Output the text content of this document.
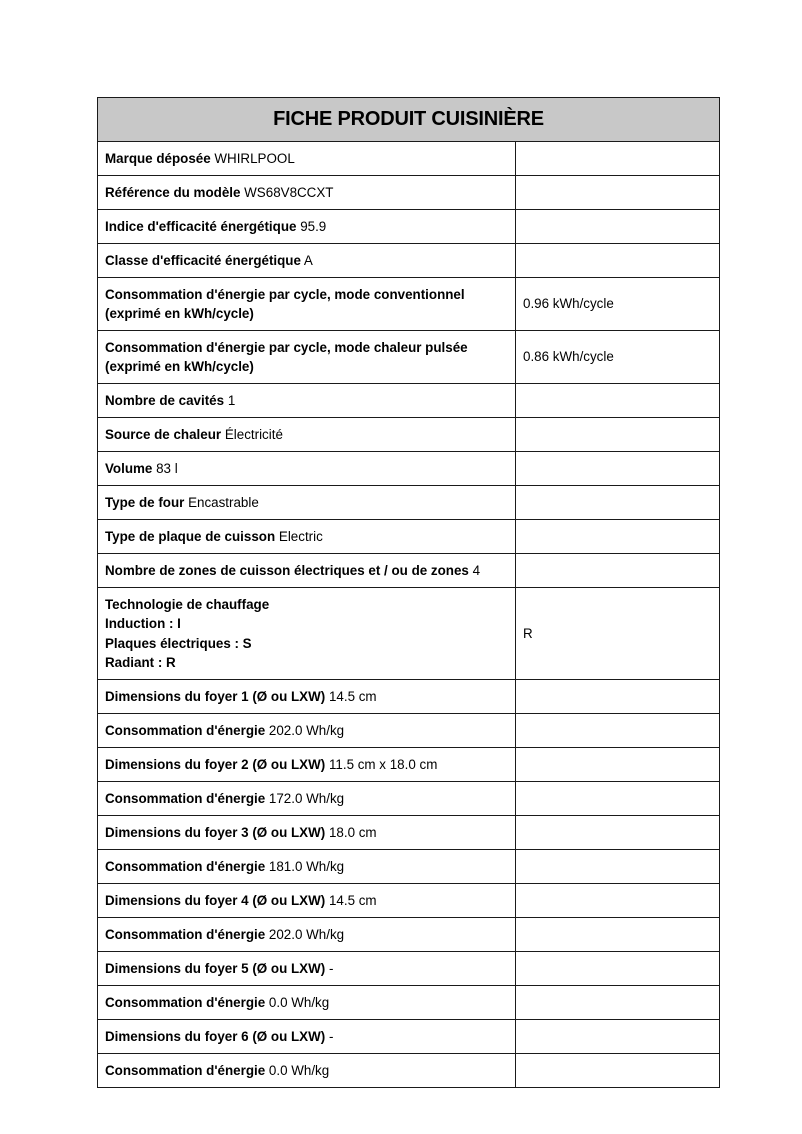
FICHE PRODUIT CUISINIÈRE	
Marque déposée WHIRLPOOL	
Référence du modèle WS68V8CCXT	
Indice d'efficacité énergétique 95.9	
Classe d'efficacité énergétique A	

Consommation d'énergie par cycle, mode conventionnel
(exprimé en kWh/cycle)	0.96 kWh/cycle

Consommation d'énergie par cycle, mode chaleur pulsée
(exprimé en kWh/cycle)	0.86 kWh/cycle
Nombre de cavités 1	
Source de chaleur Électricité	
Volume 83 l	
Type de four Encastrable	
Type de plaque de cuisson Electric	
Nombre de zones de cuisson électriques et / ou de zones 4	

Technologie de chauffage
Induction : I
Plaques électriques : S
Radiant : R	R
Dimensions du foyer 1 (Ø ou LXW) 14.5 cm	
Consommation d'énergie 202.0 Wh/kg	
Dimensions du foyer 2 (Ø ou LXW) 11.5 cm x 18.0 cm	
Consommation d'énergie 172.0 Wh/kg	
Dimensions du foyer 3 (Ø ou LXW) 18.0 cm	
Consommation d'énergie 181.0 Wh/kg	
Dimensions du foyer 4 (Ø ou LXW) 14.5 cm	
Consommation d'énergie 202.0 Wh/kg	
Dimensions du foyer 5 (Ø ou LXW) -	
Consommation d'énergie 0.0 Wh/kg	
Dimensions du foyer 6 (Ø ou LXW) -	
Consommation d'énergie 0.0 Wh/kg	
